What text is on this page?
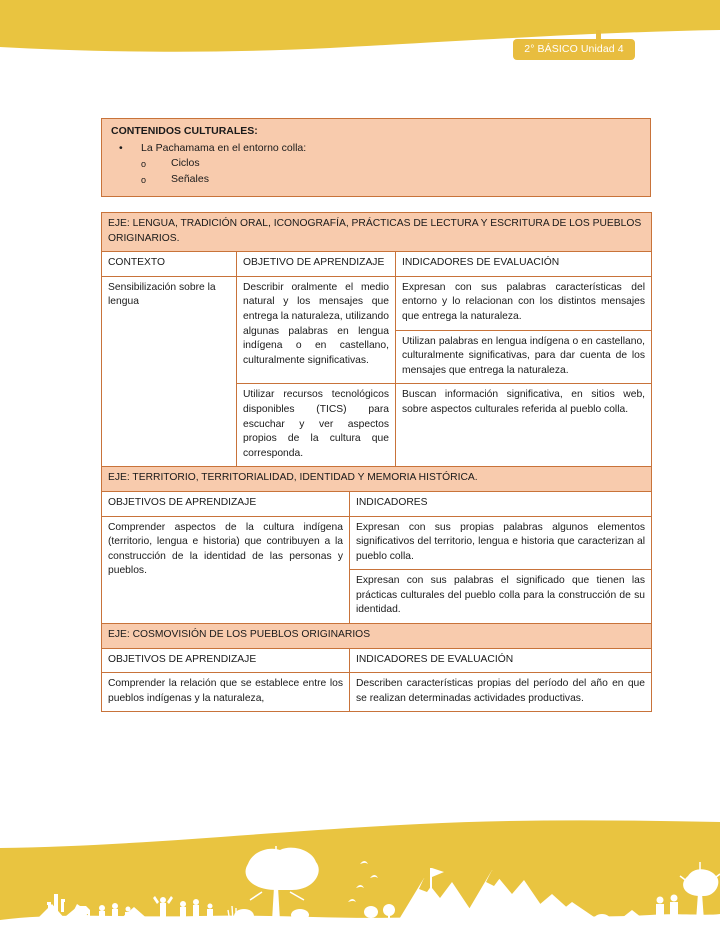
2° BÁSICO Unidad 4
CONTENIDOS CULTURALES:
•	La Pachamama en el entorno colla:
o	Ciclos
o	Señales
EJE: LENGUA, TRADICIÓN ORAL, ICONOGRAFÍA, PRÁCTICAS DE LECTURA Y ESCRITURA DE LOS PUEBLOS ORIGINARIOS.		
CONTEXTO	OBJETIVO DE APRENDIZAJE	INDICADORES DE EVALUACIÓN
Sensibilización sobre la lengua	Describir oralmente el medio natural y los mensajes que entrega la naturaleza, utilizando algunas palabras en lengua indígena o en castellano, culturalmente significativas.	Expresan con sus palabras características del entorno y lo relacionan con los distintos mensajes que entrega la naturaleza.
		Utilizan palabras en lengua indígena o en castellano, culturalmente significativas, para dar cuenta de los mensajes que entrega la naturaleza.
	Utilizar recursos tecnológicos disponibles (TICS) para escuchar y ver aspectos propios de la cultura que corresponda.	Buscan información significativa, en sitios web, sobre aspectos culturales referida al pueblo colla.
EJE: TERRITORIO, TERRITORIALIDAD, IDENTIDAD Y MEMORIA HISTÓRICA.		
OBJETIVOS DE APRENDIZAJE	INDICADORES
Comprender aspectos de la cultura indígena (territorio, lengua e historia) que contribuyen a la construcción de la identidad de las personas y pueblos.	Expresan con sus propias palabras algunos elementos significativos del territorio, lengua e historia que caracterizan al pueblo colla.
	Expresan con sus palabras el significado que tienen las prácticas culturales del pueblo colla para la construcción de su identidad.
EJE: COSMOVISIÓN DE LOS PUEBLOS ORIGINARIOS	
OBJETIVOS DE APRENDIZAJE	INDICADORES DE EVALUACIÓN
Comprender la relación que se establece entre los pueblos indígenas y la naturaleza,	Describen características propias del período del año en que se realizan determinadas actividades productivas.
